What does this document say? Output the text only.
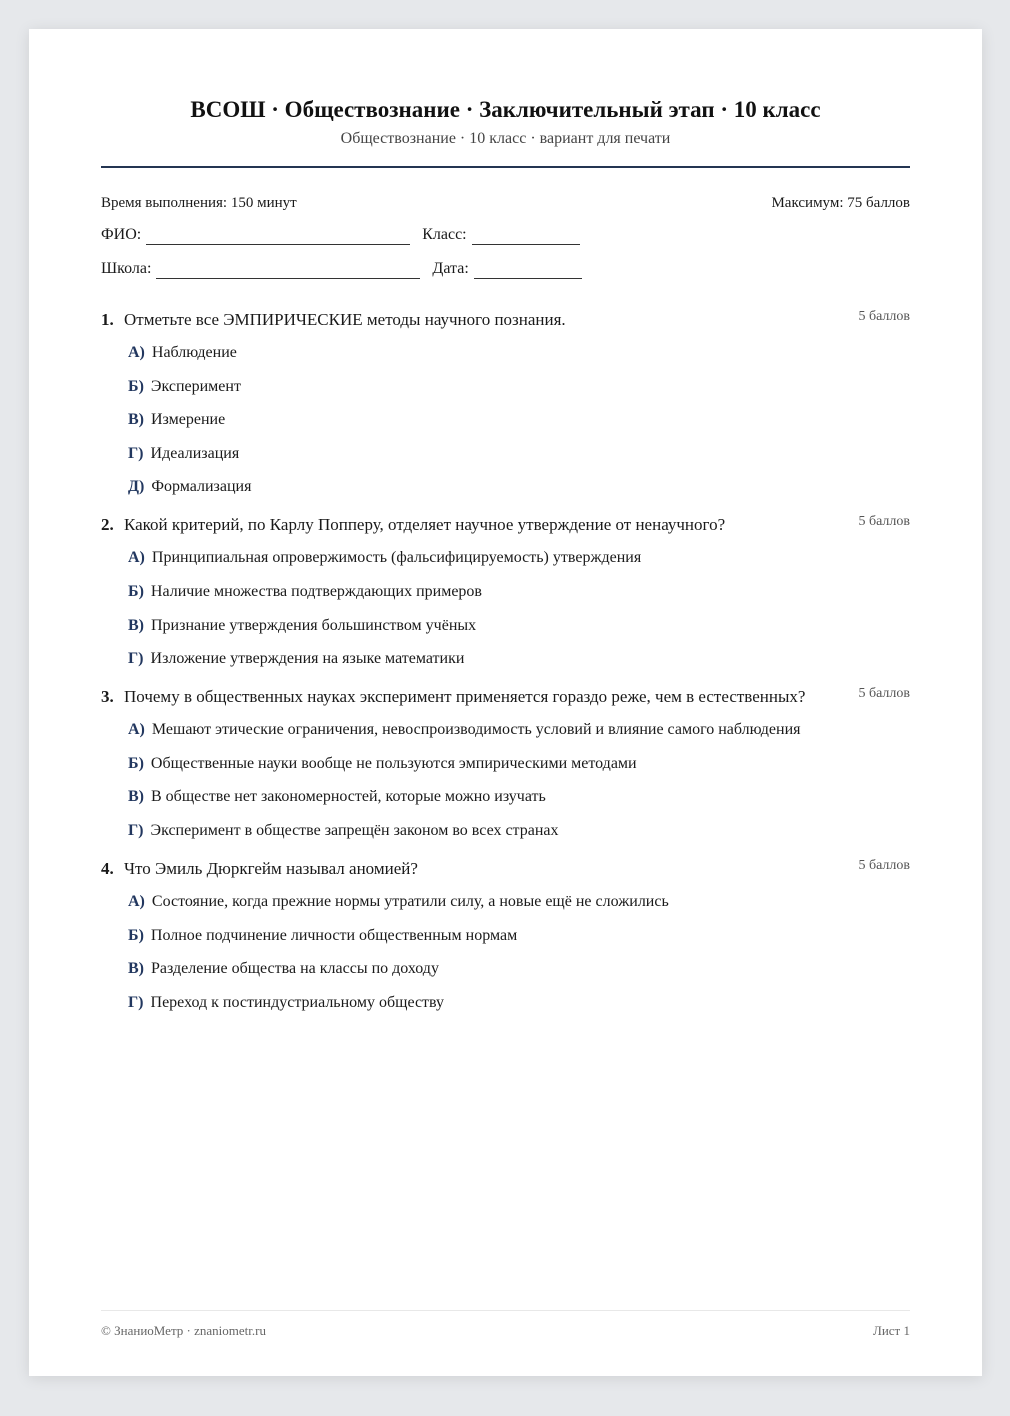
ВСОШ · Обществознание · Заключительный этап · 10 класс
Обществознание · 10 класс · вариант для печати
Время выполнения: 150 минут	Максимум: 75 баллов
ФИО:	Класс:
Школа:	Дата:
1. Отметьте все ЭМПИРИЧЕСКИЕ методы научного познания.	5 баллов
А) Наблюдение
Б) Эксперимент
В) Измерение
Г) Идеализация
Д) Формализация
2. Какой критерий, по Карлу Попперу, отделяет научное утверждение от ненаучного?	5 баллов
А) Принципиальная опровержимость (фальсифицируемость) утверждения
Б) Наличие множества подтверждающих примеров
В) Признание утверждения большинством учёных
Г) Изложение утверждения на языке математики
3. Почему в общественных науках эксперимент применяется гораздо реже, чем в естественных?	5 баллов
А) Мешают этические ограничения, невоспроизводимость условий и влияние самого наблюдения
Б) Общественные науки вообще не пользуются эмпирическими методами
В) В обществе нет закономерностей, которые можно изучать
Г) Эксперимент в обществе запрещён законом во всех странах
4. Что Эмиль Дюркгейм называл аномией?	5 баллов
А) Состояние, когда прежние нормы утратили силу, а новые ещё не сложились
Б) Полное подчинение личности общественным нормам
В) Разделение общества на классы по доходу
Г) Переход к постиндустриальному обществу
© ЗнаниоМетр · znaniometr.ru	Лист 1
